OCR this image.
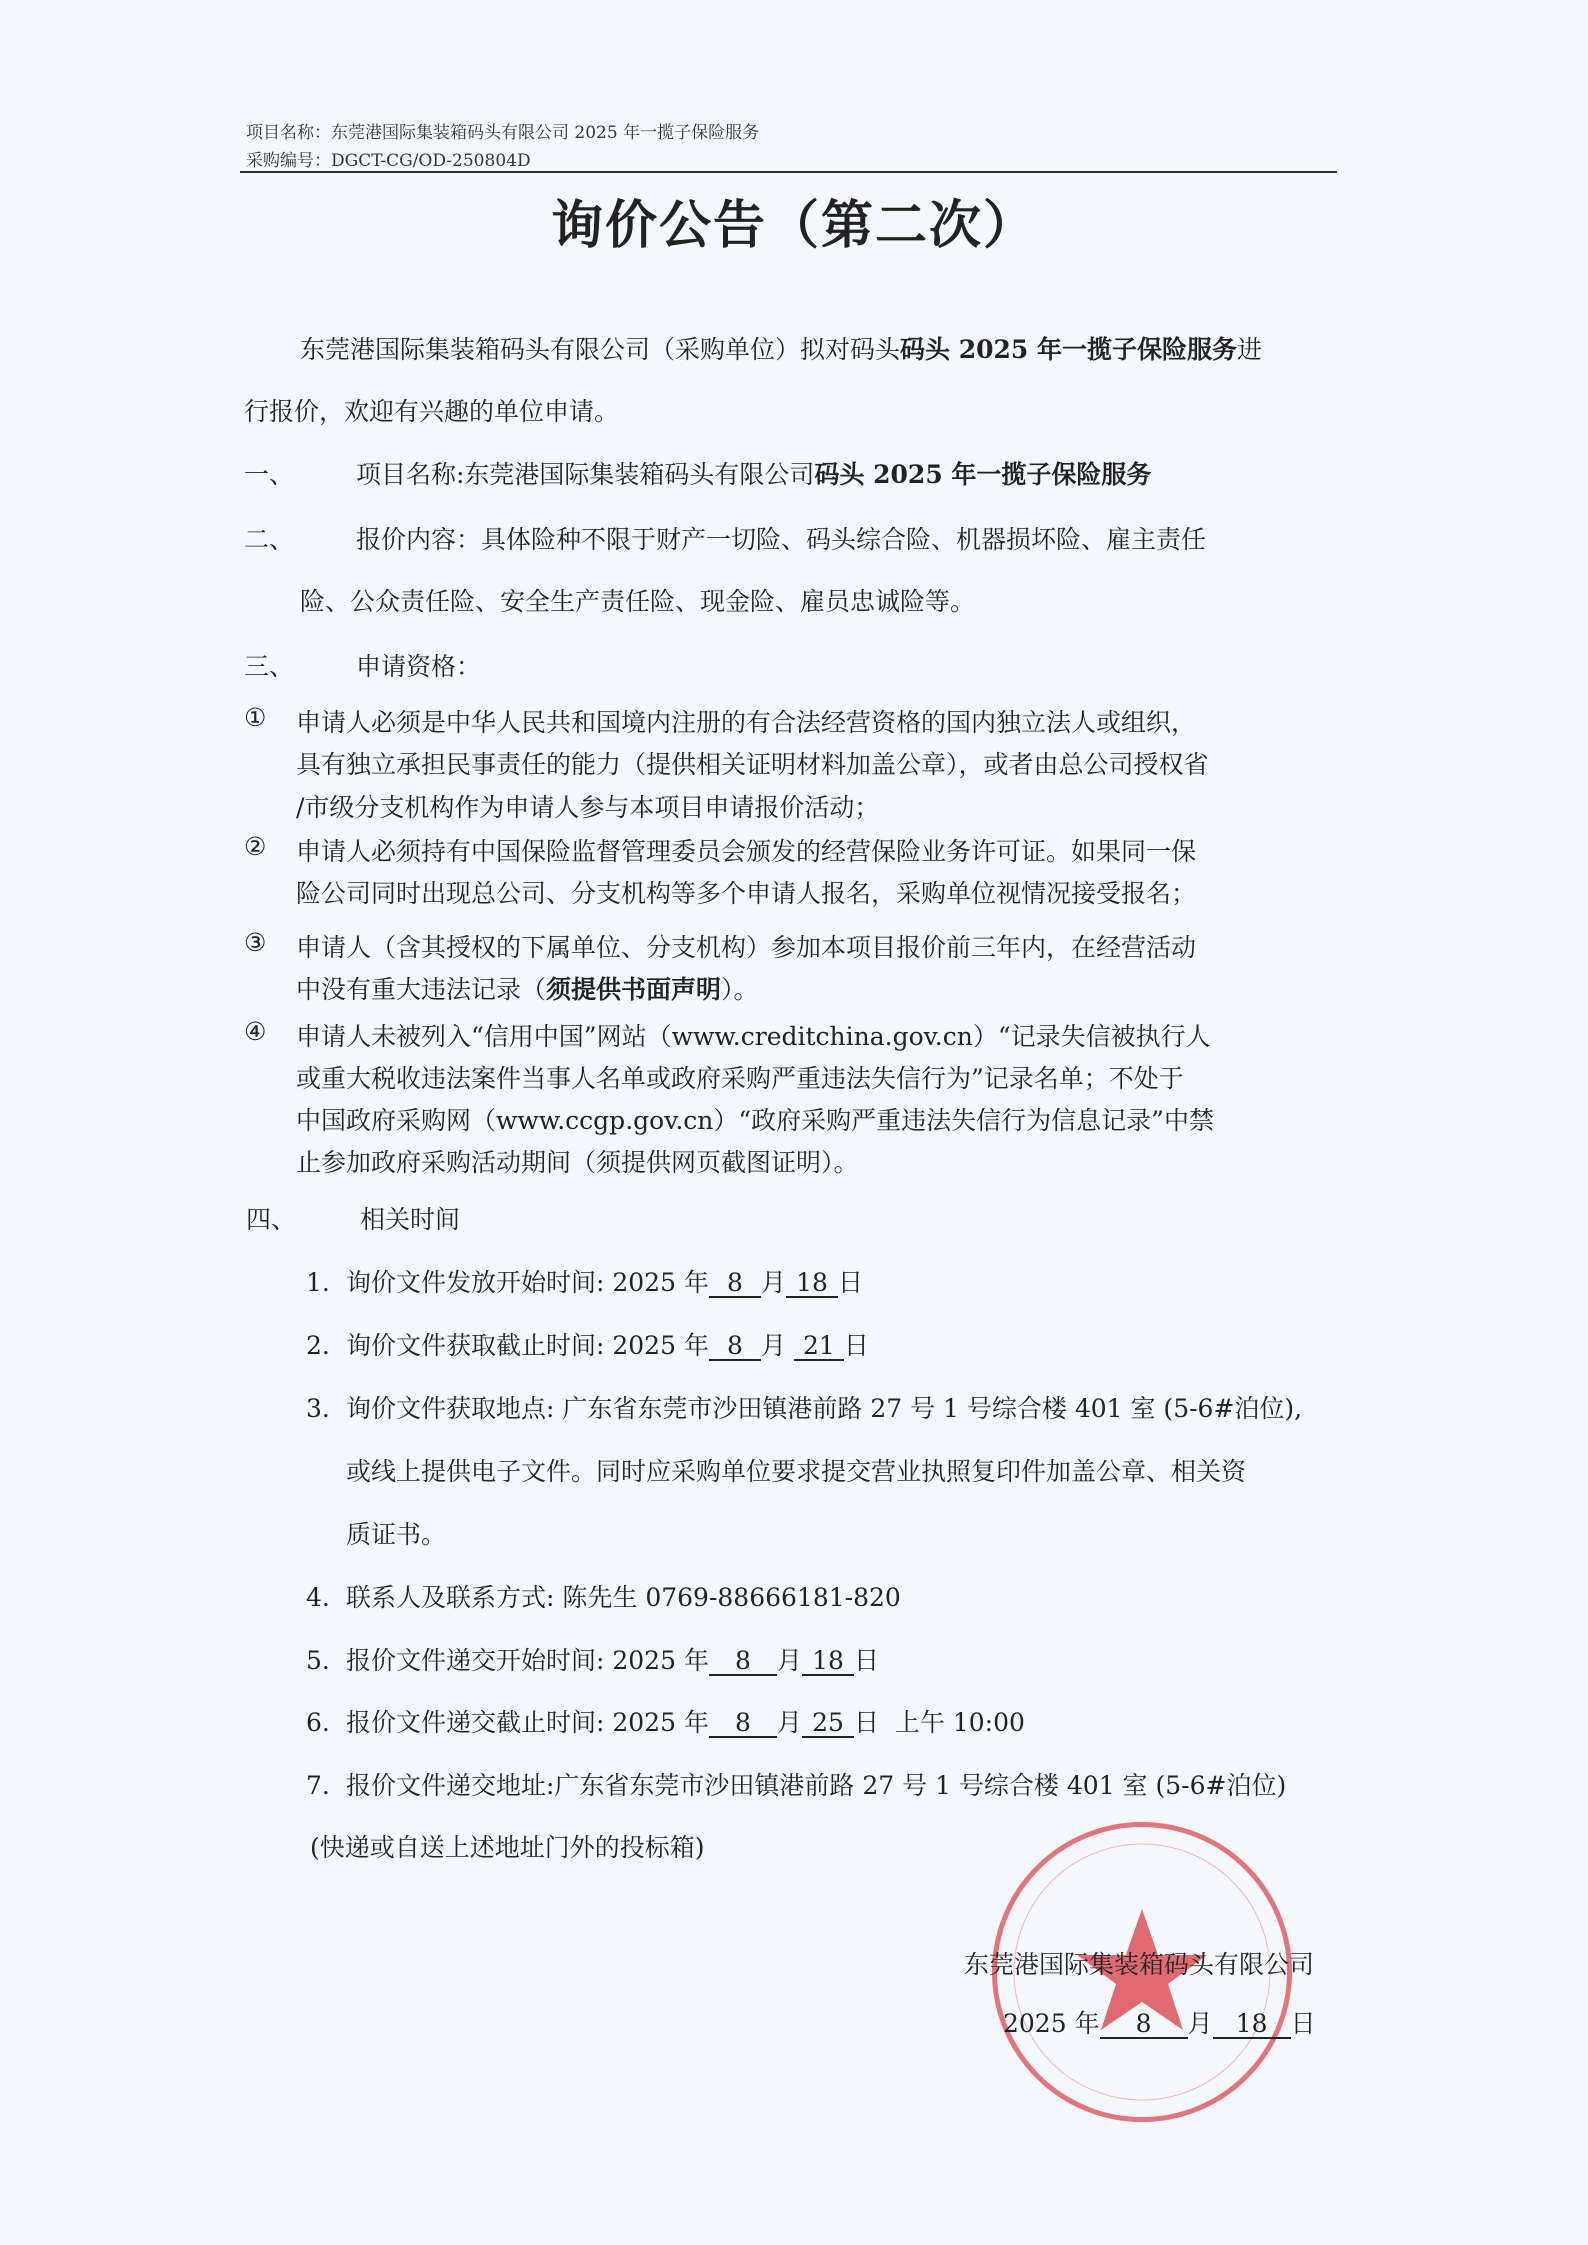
项目名称：东莞港国际集装箱码头有限公司 2025 年一揽子保险服务
采购编号：DGCT-CG/OD-250804D
询价公告（第二次）
东莞港国际集装箱码头有限公司（采购单位）拟对码头码头 2025 年一揽子保险服务进
行报价，欢迎有兴趣的单位申请。
一、 项目名称:东莞港国际集装箱码头有限公司码头 2025 年一揽子保险服务
二、 报价内容：具体险种不限于财产一切险、码头综合险、机器损坏险、雇主责任
险、公众责任险、安全生产责任险、现金险、雇员忠诚险等。
三、 申请资格：
① 申请人必须是中华人民共和国境内注册的有合法经营资格的国内独立法人或组织，
具有独立承担民事责任的能力（提供相关证明材料加盖公章），或者由总公司授权省
/市级分支机构作为申请人参与本项目申请报价活动；
② 申请人必须持有中国保险监督管理委员会颁发的经营保险业务许可证。如果同一保
险公司同时出现总公司、分支机构等多个申请人报名，采购单位视情况接受报名；
③ 申请人（含其授权的下属单位、分支机构）参加本项目报价前三年内，在经营活动
中没有重大违法记录（须提供书面声明）。
④ 申请人未被列入“信用中国”网站（www.creditchina.gov.cn）“记录失信被执行人
或重大税收违法案件当事人名单或政府采购严重违法失信行为”记录名单；不处于
中国政府采购网（www.ccgp.gov.cn）“政府采购严重违法失信行为信息记录”中禁
止参加政府采购活动期间（须提供网页截图证明）。
四、	相关时间
1. 询价文件发放开始时间: 2025 年 8 月 18 日
2. 询价文件获取截止时间: 2025 年 8 月 21 日
3. 询价文件获取地点: 广东省东莞市沙田镇港前路 27 号 1 号综合楼 401 室 (5-6#泊位),
或线上提供电子文件。同时应采购单位要求提交营业执照复印件加盖公章、相关资
质证书。
4. 联系人及联系方式: 陈先生 0769-88666181-820
5. 报价文件递交开始时间: 2025 年 8 月 18 日
6. 报价文件递交截止时间: 2025 年 8 月 25 日 上午 10:00
7. 报价文件递交地址:广东省东莞市沙田镇港前路 27 号 1 号综合楼 401 室 (5-6#泊位)
(快递或自送上述地址门外的投标箱)
东莞港国际集装箱码头有限公司
2025 年 8 月 18 日
